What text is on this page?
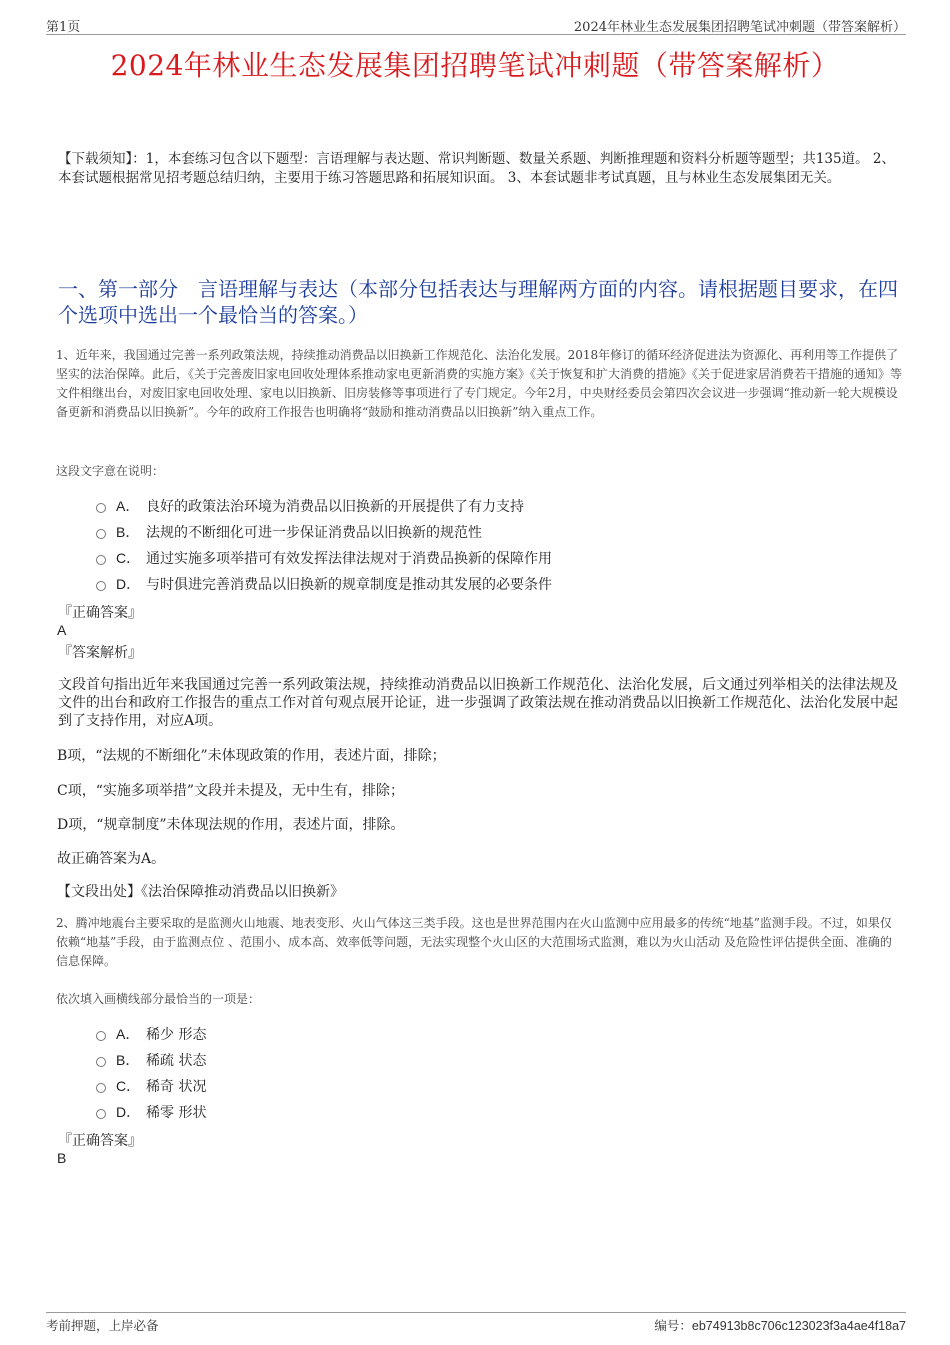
第1页	2024年林业生态发展集团招聘笔试冲刺题（带答案解析）
2024年林业生态发展集团招聘笔试冲刺题（带答案解析）
【下载须知】：1，本套练习包含以下题型：言语理解与表达题、常识判断题、数量关系题、判断推理题和资料分析题等题型；共135道。 2、本套试题根据常见招考题总结归纳，主要用于练习答题思路和拓展知识面。 3、本套试题非考试真题，且与林业生态发展集团无关。
一、第一部分　言语理解与表达（本部分包括表达与理解两方面的内容。请根据题目要求，在四个选项中选出一个最恰当的答案。）
1、近年来，我国通过完善一系列政策法规，持续推动消费品以旧换新工作规范化、法治化发展。2018年修订的循环经济促进法为资源化、再利用等工作提供了坚实的法治保障。此后，《关于完善废旧家电回收处理体系推动家电更新消费的实施方案》《关于恢复和扩大消费的措施》《关于促进家居消费若干措施的通知》等文件相继出台，对废旧家电回收处理、家电以旧换新、旧房装修等事项进行了专门规定。今年2月，中央财经委员会第四次会议进一步强调“推动新一轮大规模设备更新和消费品以旧换新”。今年的政府工作报告也明确将“鼓励和推动消费品以旧换新”纳入重点工作。
这段文字意在说明：
A． 良好的政策法治环境为消费品以旧换新的开展提供了有力支持
B． 法规的不断细化可进一步保证消费品以旧换新的规范性
C． 通过实施多项举措可有效发挥法律法规对于消费品换新的保障作用
D． 与时俱进完善消费品以旧换新的规章制度是推动其发展的必要条件
『正确答案』
A
『答案解析』
文段首句指出近年来我国通过完善一系列政策法规，持续推动消费品以旧换新工作规范化、法治化发展，后文通过列举相关的法律法规及文件的出台和政府工作报告的重点工作对首句观点展开论证，进一步强调了政策法规在推动消费品以旧换新工作规范化、法治化发展中起到了支持作用，对应A项。
B项，“法规的不断细化”未体现政策的作用，表述片面，排除；
C项，“实施多项举措”文段并未提及，无中生有，排除；
D项，“规章制度”未体现法规的作用，表述片面，排除。
故正确答案为A。
【文段出处】《法治保障推动消费品以旧换新》
2、腾冲地震台主要采取的是监测火山地震、地表变形、火山气体这三类手段。这也是世界范围内在火山监测中应用最多的传统“地基”监测手段。不过，如果仅依赖“地基”手段，由于监测点位 、范围小、成本高、效率低等问题，无法实现整个火山区的大范围场式监测，难以为火山活动 及危险性评估提供全面、准确的信息保障。
依次填入画横线部分最恰当的一项是：
A． 稀少 形态
B． 稀疏 状态
C． 稀奇 状况
D． 稀零 形状
『正确答案』
B
考前押题，上岸必备	编号：eb74913b8c706c123023f3a4ae4f18a7
